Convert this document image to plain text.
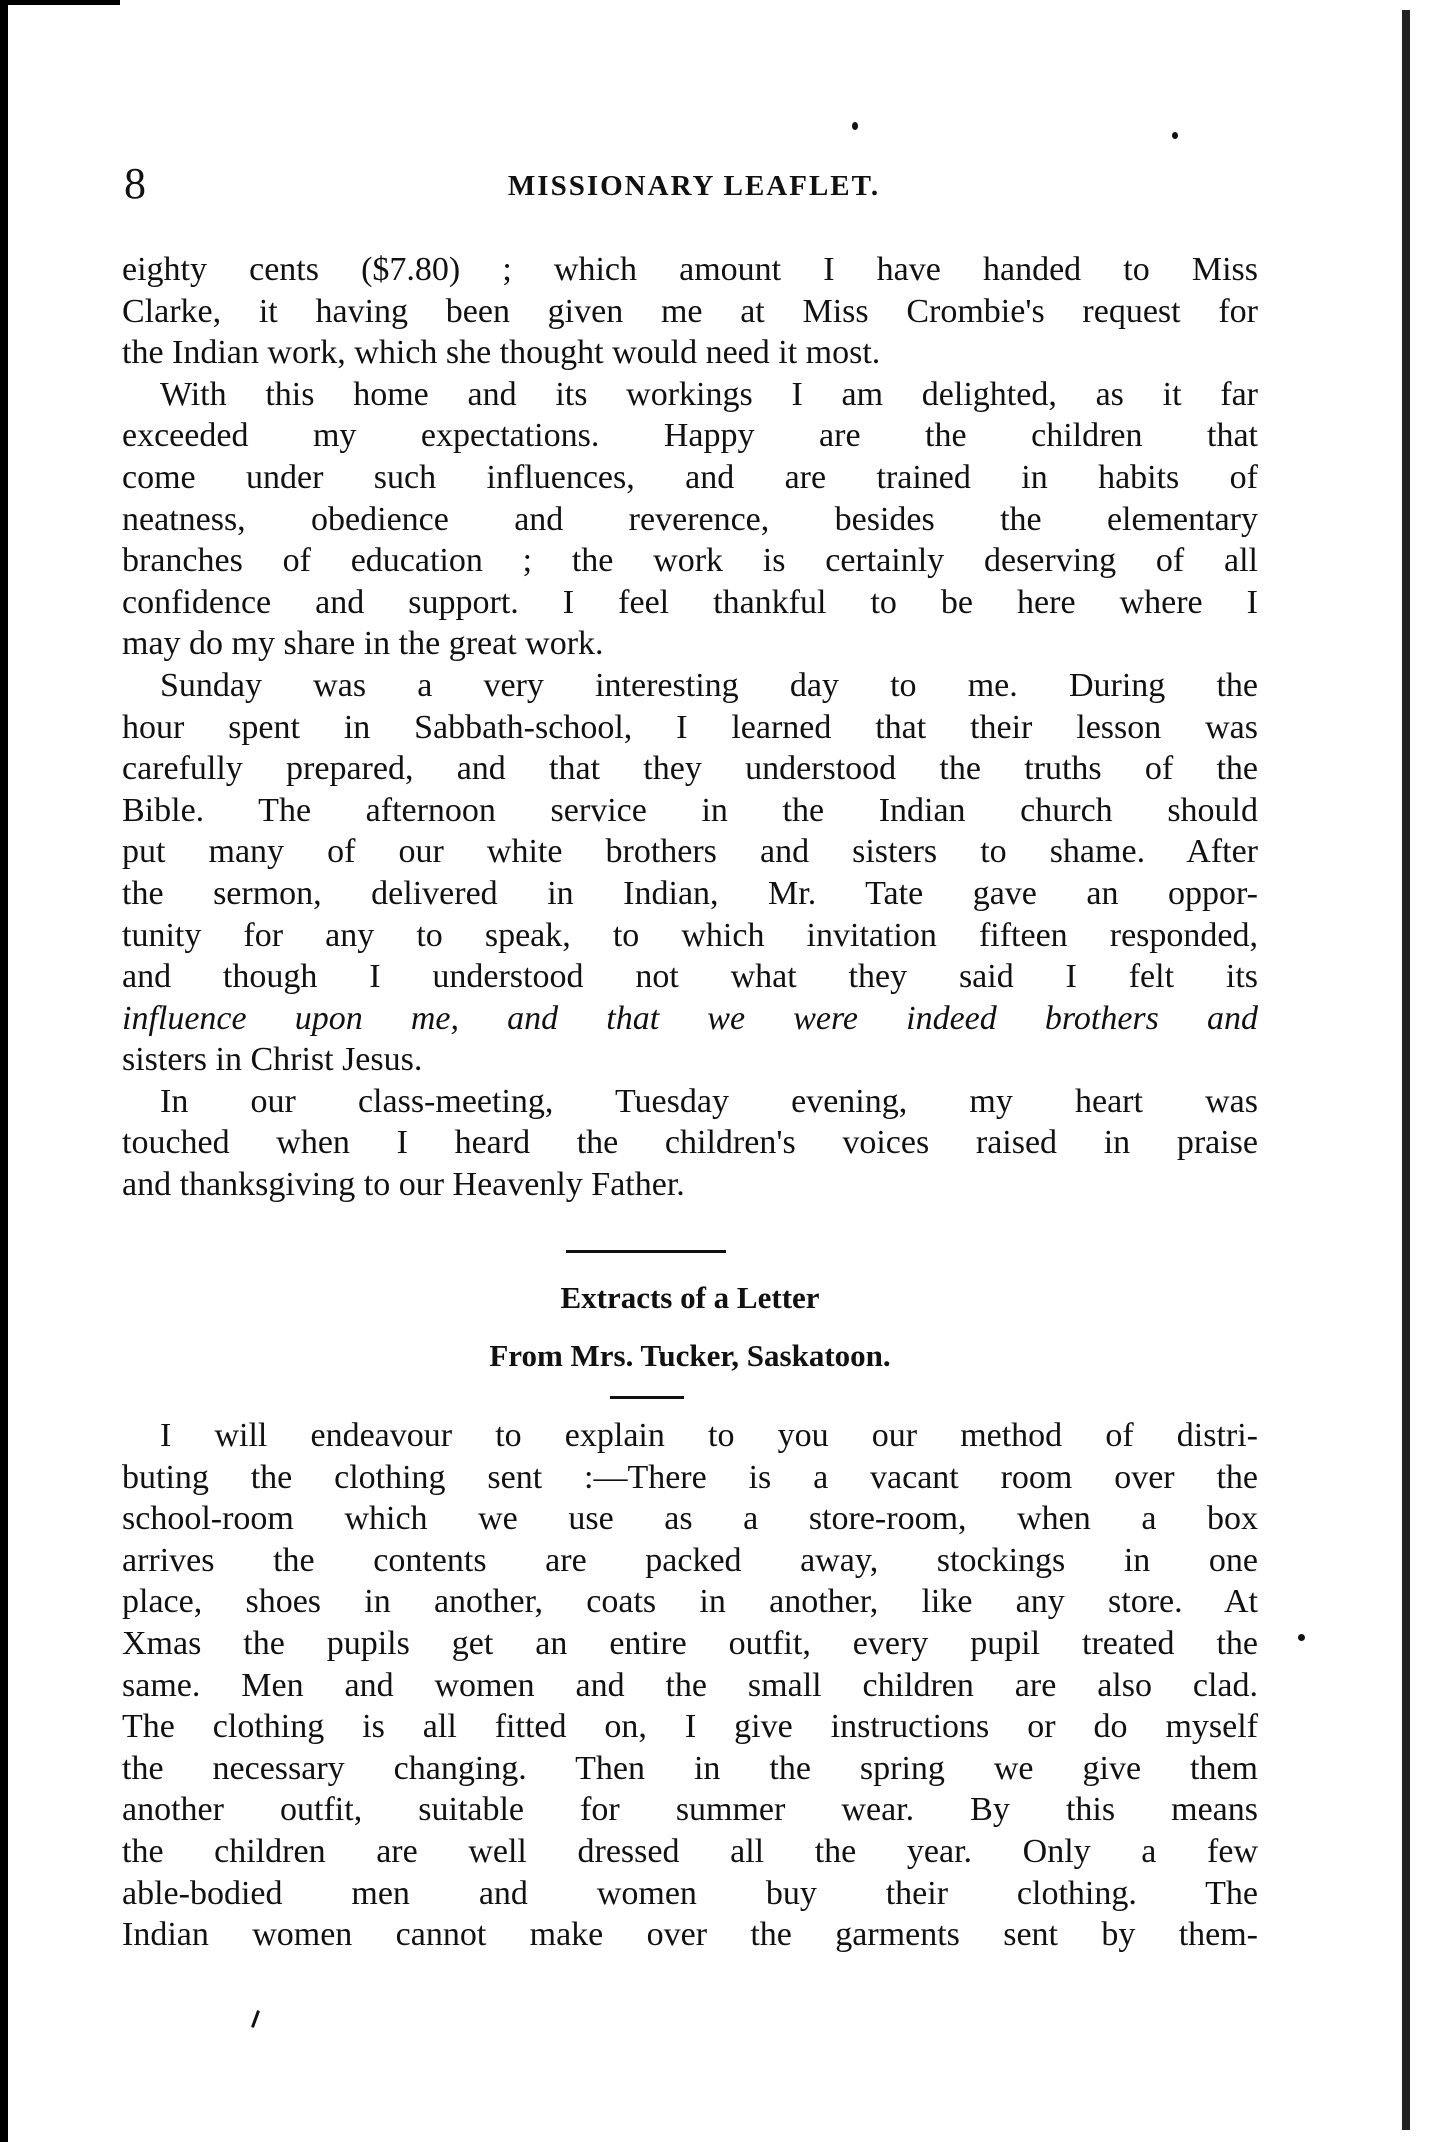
8	MISSIONARY LEAFLET.
eighty cents ($7.80) ; which amount I have handed to Miss
Clarke, it having been given me at Miss Crombie's request for
the Indian work, which she thought would need it most.
With this home and its workings I am delighted, as it far
exceeded my expectations. Happy are the children that
come under such influences, and are trained in habits of
neatness, obedience and reverence, besides the elementary
branches of education ; the work is certainly deserving of all
confidence and support. I feel thankful to be here where I
may do my share in the great work.
Sunday was a very interesting day to me. During the
hour spent in Sabbath-school, I learned that their lesson was
carefully prepared, and that they understood the truths of the
Bible. The afternoon service in the Indian church should
put many of our white brothers and sisters to shame. After
the sermon, delivered in Indian, Mr. Tate gave an oppor-
tunity for any to speak, to which invitation fifteen responded,
and though I understood not what they said I felt its
influence upon me, and that we were indeed brothers and
sisters in Christ Jesus.
In our class-meeting, Tuesday evening, my heart was
touched when I heard the children's voices raised in praise
and thanksgiving to our Heavenly Father.
Extracts of a Letter
From Mrs. Tucker, Saskatoon.
I will endeavour to explain to you our method of distri-
buting the clothing sent :—There is a vacant room over the
school-room which we use as a store-room, when a box
arrives the contents are packed away, stockings in one
place, shoes in another, coats in another, like any store. At
Xmas the pupils get an entire outfit, every pupil treated the
same. Men and women and the small children are also clad.
The clothing is all fitted on, I give instructions or do myself
the necessary changing. Then in the spring we give them
another outfit, suitable for summer wear. By this means
the children are well dressed all the year. Only a few
able-bodied men and women buy their clothing. The
Indian women cannot make over the garments sent by them-
